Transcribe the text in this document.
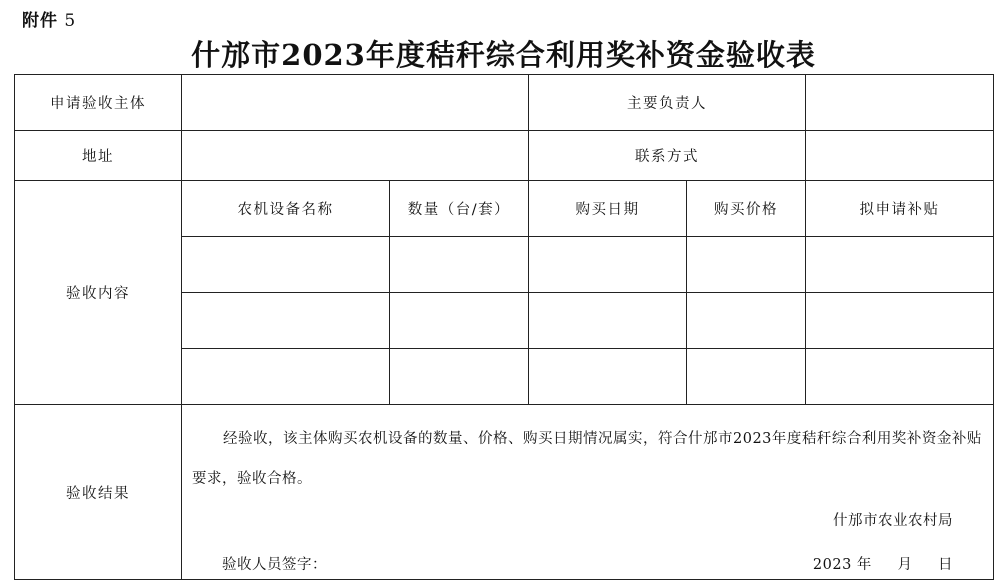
附件 5
什邡市2023年度秸秆综合利用奖补资金验收表
申请验收主体			主要负责人		
地址			联系方式		
验收内容	农机设备名称	数量（台/套）	购买日期	购买价格	拟申请补贴

验收结果	经验收，该主体购买农机设备的数量、价格、购买日期情况属实，符合什邡市2023年度秸秆综合利用奖补资金补贴要求，验收合格。
什邡市农业农村局
验收人员签字： 2023 年     月     日				
